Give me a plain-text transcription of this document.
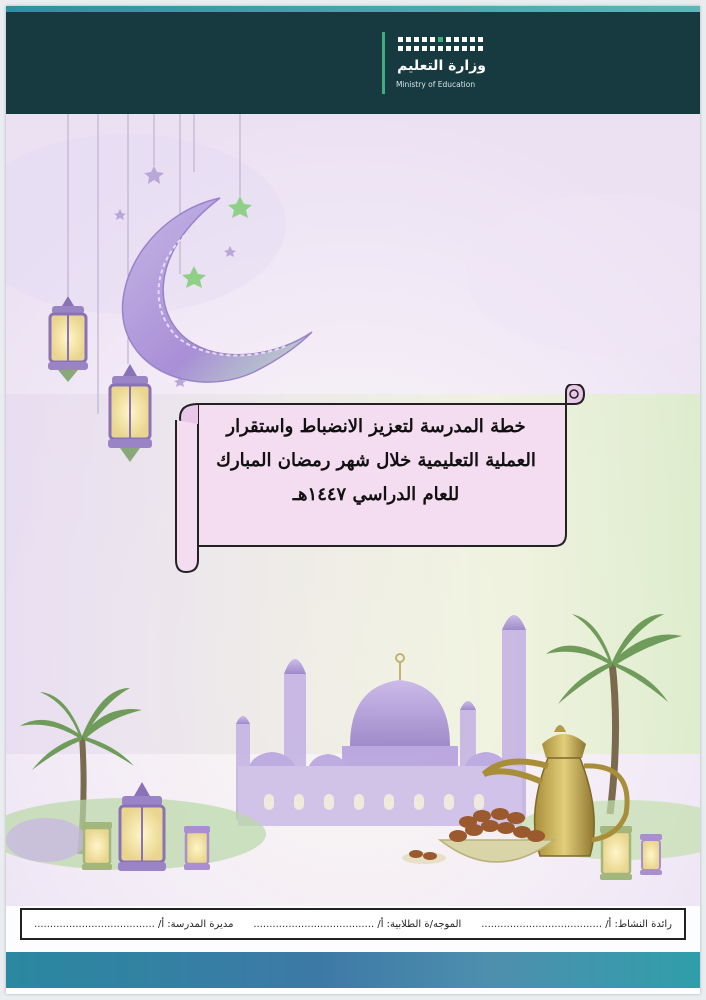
وزارة التعليم
Ministry of Education
خطة المدرسة لتعزيز الانضباط واستقرار
العملية التعليمية خلال شهر رمضان المبارك
للعام الدراسي ١٤٤٧هـ
رائدة النشاط: أ/ ......................................
الموجه/ة الطلابية: أ/ ......................................
مديرة المدرسة: أ/ ......................................
